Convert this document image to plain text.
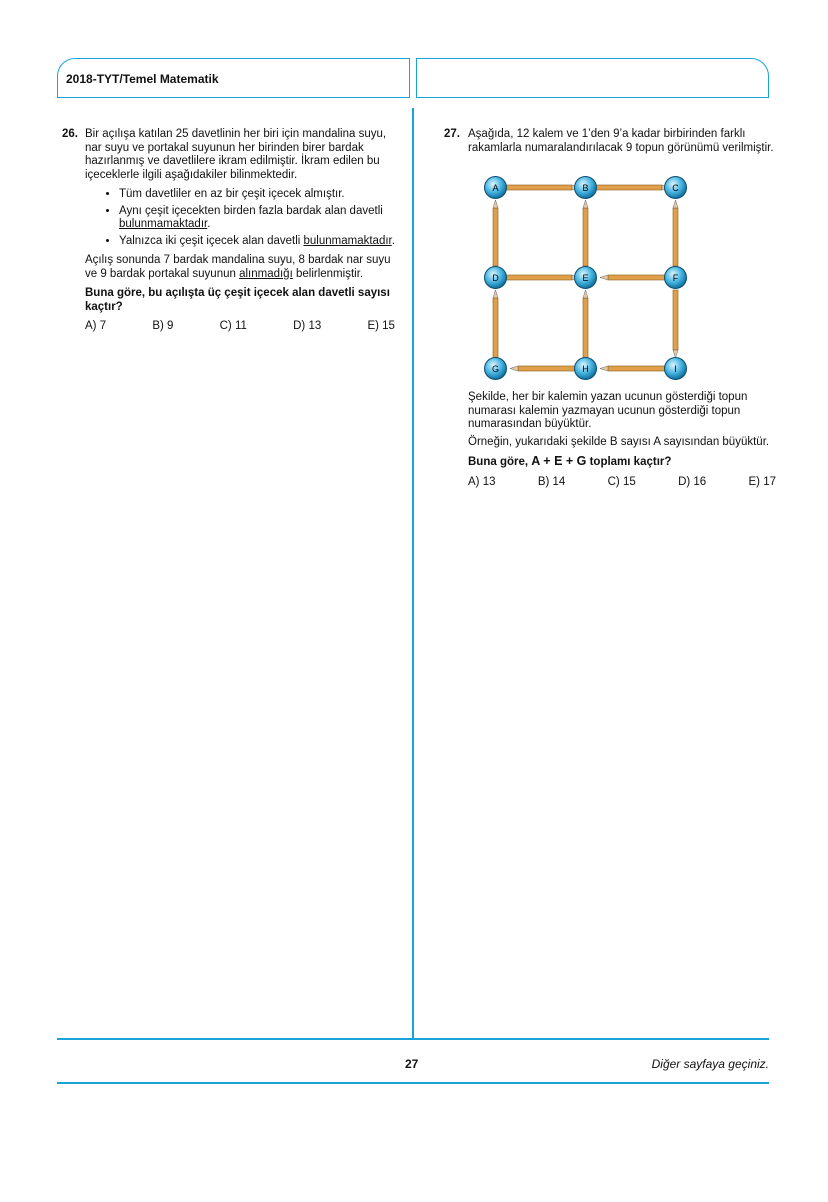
2018-TYT/Temel Matematik
26. Bir açılışa katılan 25 davetlinin her biri için mandalina suyu, nar suyu ve portakal suyunun her birinden birer bardak hazırlanmış ve davetlilere ikram edilmiştir. İkram edilen bu içeceklerle ilgili aşağıdakiler bilinmektedir.

• Tüm davetliler en az bir çeşit içecek almıştır.
• Aynı çeşit içecekten birden fazla bardak alan davetli bulunmamaktadır.
• Yalnızca iki çeşit içecek alan davetli bulunmamaktadır.

Açılış sonunda 7 bardak mandalina suyu, 8 bardak nar suyu ve 9 bardak portakal suyunun alınmadığı belirlenmiştir.

Buna göre, bu açılışta üç çeşit içecek alan davetli sayısı kaçtır?

A) 7	B) 9	C) 11	D) 13	E) 15
27. Aşağıda, 12 kalem ve 1’den 9’a kadar birbirinden farklı rakamlarla numaralandırılacak 9 topun görünümü verilmiştir.

A	B	C
D	E	F
G	H	I

Şekilde, her bir kalemin yazan ucunun gösterdiği topun numarası kalemin yazmayan ucunun gösterdiği topun numarasından büyüktür.

Örneğin, yukarıdaki şekilde B sayısı A sayısından büyüktür.

Buna göre, A + E + G toplamı kaçtır?

A) 13	B) 14	C) 15	D) 16	E) 17
27	Diğer sayfaya geçiniz.
